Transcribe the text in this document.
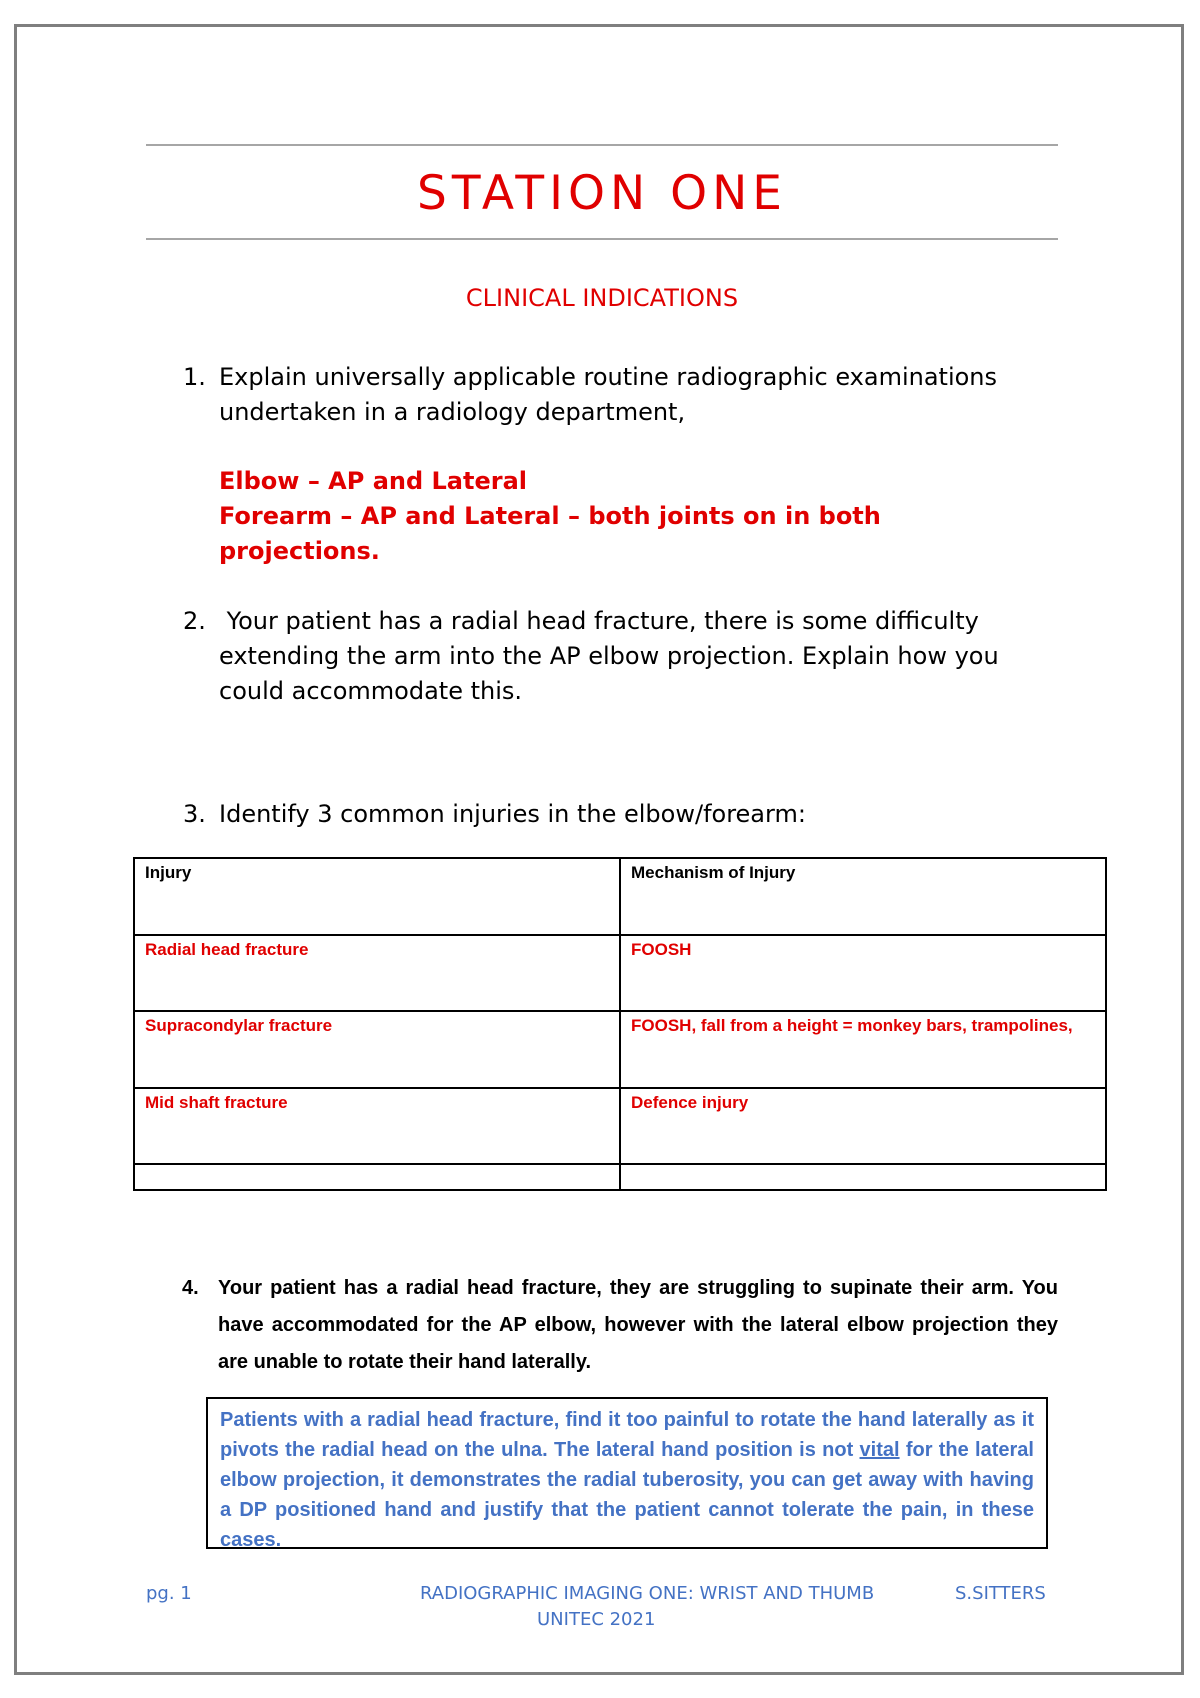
STATION ONE
CLINICAL INDICATIONS
1. Explain universally applicable routine radiographic examinations
undertaken in a radiology department,
Elbow – AP and Lateral
Forearm – AP and Lateral – both joints on in both
projections.
2. Your patient has a radial head fracture, there is some difficulty
extending the arm into the AP elbow projection. Explain how you
could accommodate this.
3. Identify 3 common injuries in the elbow/forearm:
Injury	Mechanism of Injury
Radial head fracture	FOOSH
Supracondylar fracture	FOOSH, fall from a height = monkey bars, trampolines,
Mid shaft fracture	Defence injury

4. Your patient has a radial head fracture, they are struggling to supinate their arm. You have accommodated for the AP elbow, however with the lateral elbow projection they are unable to rotate their hand laterally.
Patients with a radial head fracture, find it too painful to rotate the hand laterally as it pivots the radial head on the ulna. The lateral hand position is not vital for the lateral elbow projection, it demonstrates the radial tuberosity, you can get away with having a DP positioned hand and justify that the patient cannot tolerate the pain, in these cases.
pg. 1	RADIOGRAPHIC IMAGING ONE: WRIST AND THUMB	S.SITTERS
UNITEC 2021
